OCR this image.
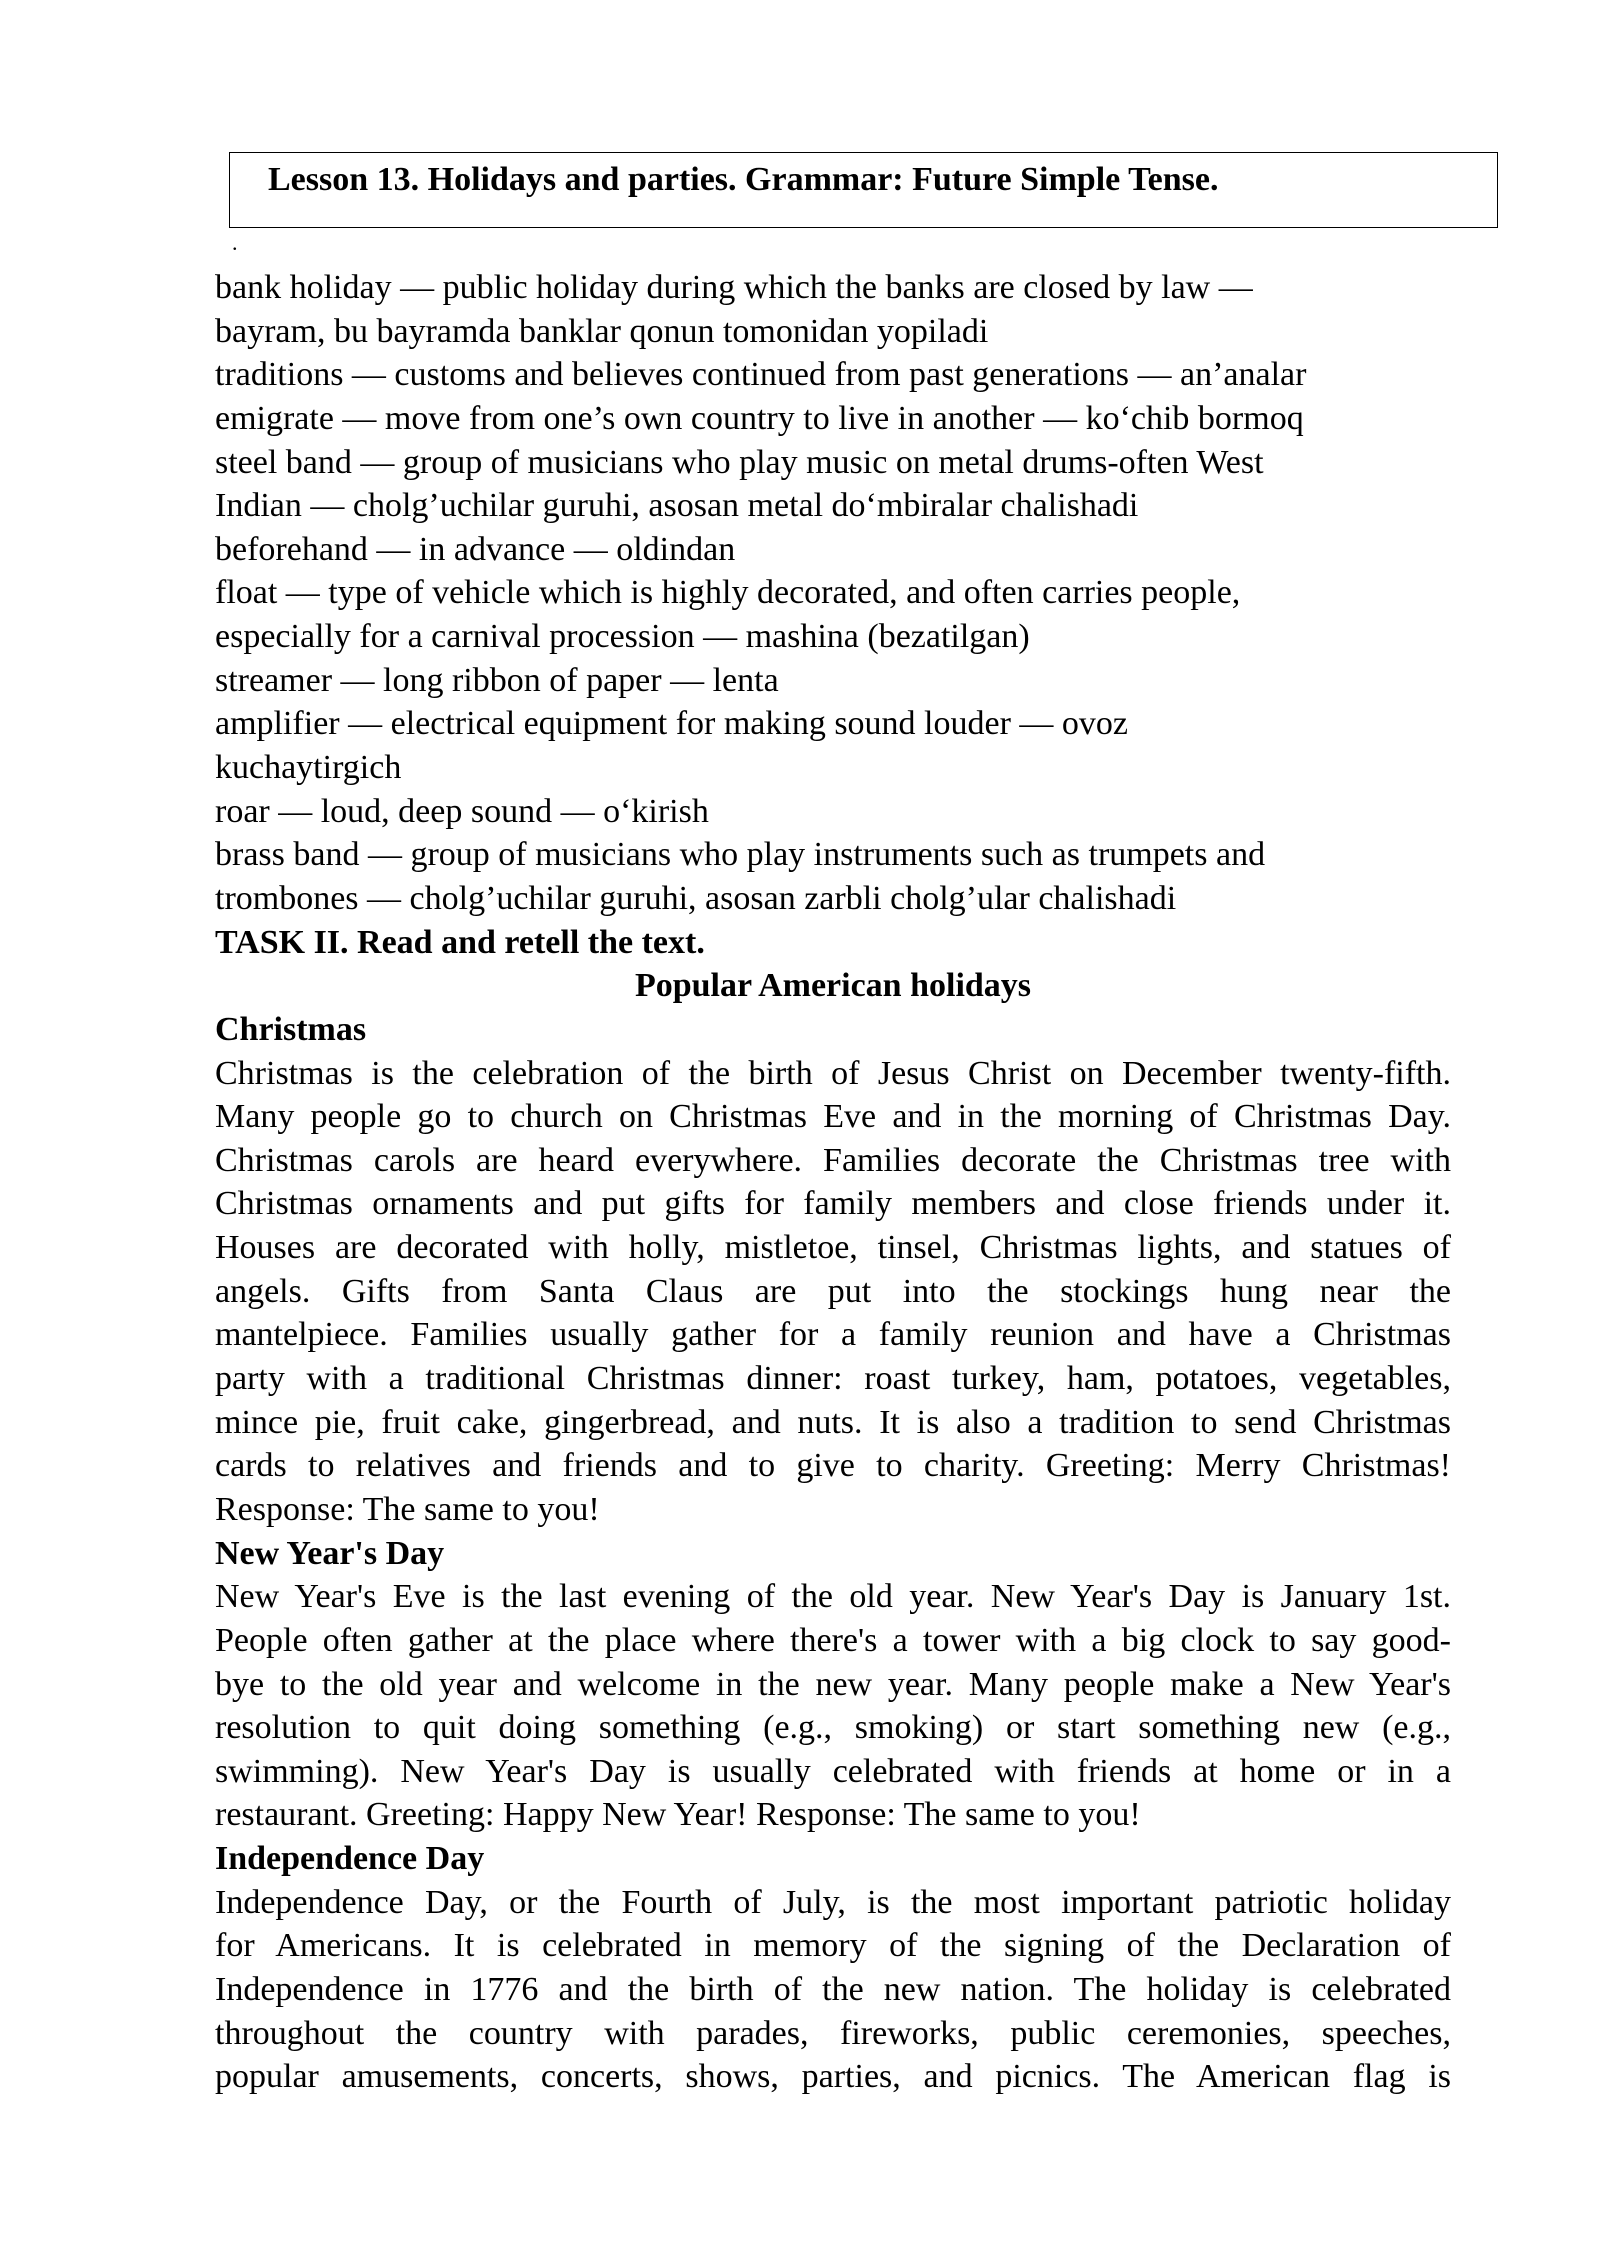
Lesson 13. Holidays and parties. Grammar: Future Simple Tense.
.
bank holiday — public holiday during which the banks are closed by law —
bayram, bu bayramda banklar qonun tomonidan yopiladi
traditions — customs and believes continued from past generations — an’analar
emigrate — move from one’s own country to live in another — ko‘chib bormoq
steel band — group of musicians who play music on metal drums-often West
Indian — cholg’uchilar guruhi, asosan metal do‘mbiralar chalishadi
beforehand — in advance — oldindan
float — type of vehicle which is highly decorated, and often carries people,
especially for a carnival procession — mashina (bezatilgan)
streamer — long ribbon of paper — lenta
amplifier — electrical equipment for making sound louder — ovoz
kuchaytirgich
roar — loud, deep sound — o‘kirish
brass band — group of musicians who play instruments such as trumpets and
trombones — cholg’uchilar guruhi, asosan zarbli cholg’ular chalishadi
TASK II. Read and retell the text.
Popular American holidays
Christmas
Christmas is the celebration of the birth of Jesus Christ on December twenty-fifth.
Many people go to church on Christmas Eve and in the morning of Christmas Day.
Christmas carols are heard everywhere. Families decorate the Christmas tree with
Christmas ornaments and put gifts for family members and close friends under it.
Houses are decorated with holly, mistletoe, tinsel, Christmas lights, and statues of
angels. Gifts from Santa Claus are put into the stockings hung near the
mantelpiece. Families usually gather for a family reunion and have a Christmas
party with a traditional Christmas dinner: roast turkey, ham, potatoes, vegetables,
mince pie, fruit cake, gingerbread, and nuts. It is also a tradition to send Christmas
cards to relatives and friends and to give to charity. Greeting: Merry Christmas!
Response: The same to you!
New Year's Day
New Year's Eve is the last evening of the old year. New Year's Day is January 1st.
People often gather at the place where there's a tower with a big clock to say good-
bye to the old year and welcome in the new year. Many people make a New Year's
resolution to quit doing something (e.g., smoking) or start something new (e.g.,
swimming). New Year's Day is usually celebrated with friends at home or in a
restaurant. Greeting: Happy New Year! Response: The same to you!
Independence Day
Independence Day, or the Fourth of July, is the most important patriotic holiday
for Americans. It is celebrated in memory of the signing of the Declaration of
Independence in 1776 and the birth of the new nation. The holiday is celebrated
throughout the country with parades, fireworks, public ceremonies, speeches,
popular amusements, concerts, shows, parties, and picnics. The American flag is
